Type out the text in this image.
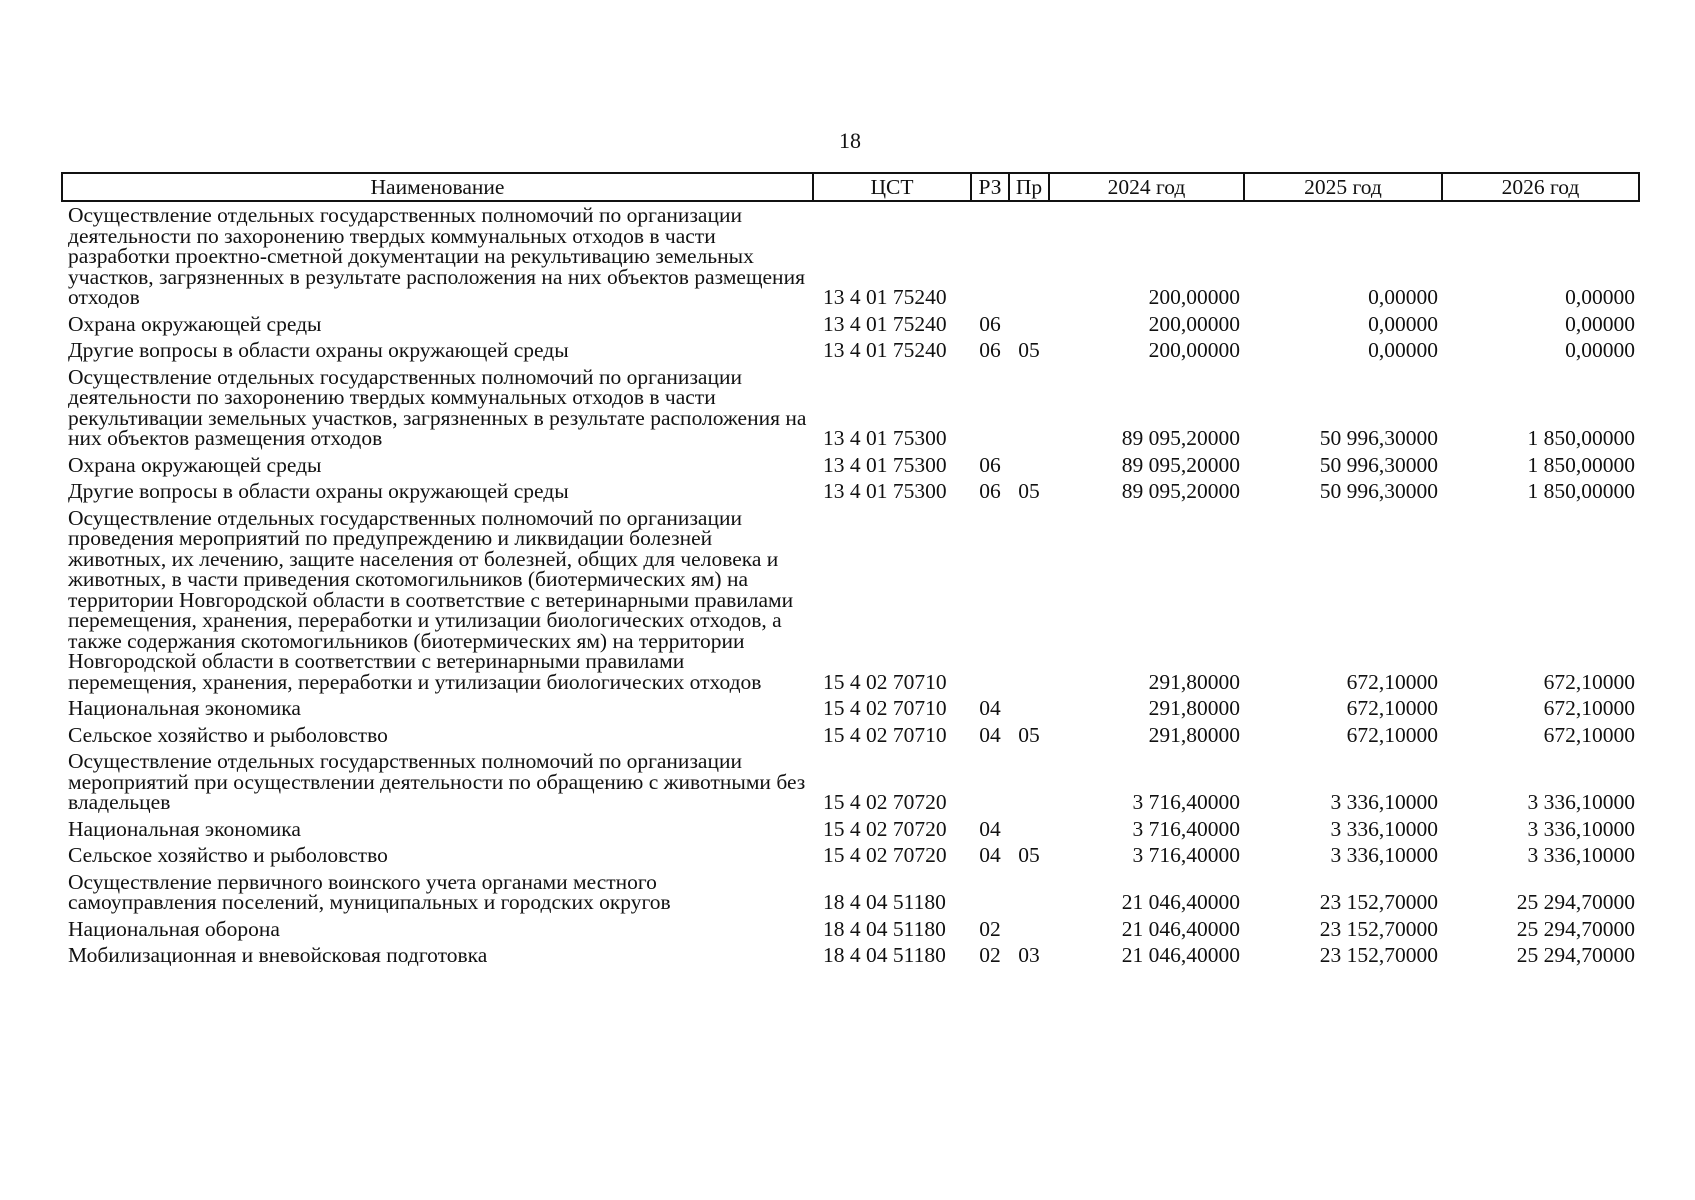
18
Наименование	ЦСТ	РЗ	Пр	2024 год	2025 год	2026 год
Осуществление отдельных государственных полномочий по организации деятельности по захоронению твердых коммунальных отходов в части разработки проектно-сметной документации на рекультивацию земельных участков, загрязненных в результате расположения на них объектов размещения отходов	13 4 01 75240			200,00000	0,00000	0,00000
Охрана окружающей среды	13 4 01 75240	06		200,00000	0,00000	0,00000
Другие вопросы в области охраны окружающей среды	13 4 01 75240	06	05	200,00000	0,00000	0,00000
Осуществление отдельных государственных полномочий по организации деятельности по захоронению твердых коммунальных отходов в части рекультивации земельных участков, загрязненных в результате расположения на них объектов размещения отходов	13 4 01 75300			89 095,20000	50 996,30000	1 850,00000
Охрана окружающей среды	13 4 01 75300	06		89 095,20000	50 996,30000	1 850,00000
Другие вопросы в области охраны окружающей среды	13 4 01 75300	06	05	89 095,20000	50 996,30000	1 850,00000
Осуществление отдельных государственных полномочий по организации проведения мероприятий по предупреждению и ликвидации болезней животных, их лечению, защите населения от болезней, общих для человека и животных, в части приведения скотомогильников (биотермических ям) на территории Новгородской области в соответствие с ветеринарными правилами перемещения, хранения, переработки и утилизации биологических отходов, а также содержания скотомогильников (биотермических ям) на территории Новгородской области в соответствии с ветеринарными правилами перемещения, хранения, переработки и утилизации биологических отходов	15 4 02 70710			291,80000	672,10000	672,10000
Национальная экономика	15 4 02 70710	04		291,80000	672,10000	672,10000
Сельское хозяйство и рыболовство	15 4 02 70710	04	05	291,80000	672,10000	672,10000
Осуществление отдельных государственных полномочий по организации мероприятий при осуществлении деятельности по обращению с животными без владельцев	15 4 02 70720			3 716,40000	3 336,10000	3 336,10000
Национальная экономика	15 4 02 70720	04		3 716,40000	3 336,10000	3 336,10000
Сельское хозяйство и рыболовство	15 4 02 70720	04	05	3 716,40000	3 336,10000	3 336,10000
Осуществление первичного воинского учета органами местного самоуправления поселений, муниципальных и городских округов	18 4 04 51180			21 046,40000	23 152,70000	25 294,70000
Национальная оборона	18 4 04 51180	02		21 046,40000	23 152,70000	25 294,70000
Мобилизационная и вневойсковая подготовка	18 4 04 51180	02	03	21 046,40000	23 152,70000	25 294,70000
